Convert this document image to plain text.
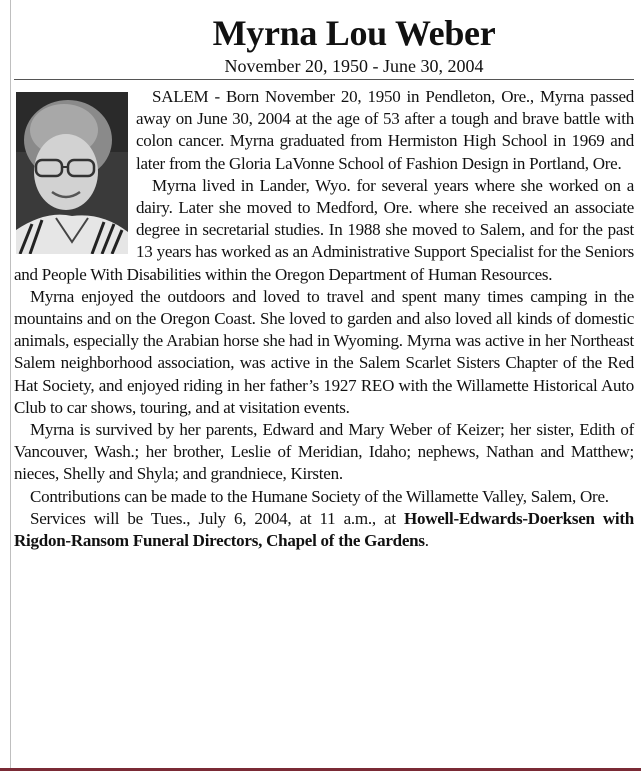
Myrna Lou Weber
November 20, 1950 - June 30, 2004

SALEM - Born November 20, 1950 in Pendleton, Ore., Myrna passed away on June 30, 2004 at the age of 53 after a tough and brave battle with colon cancer. Myrna graduated from Hermiston High School in 1969 and later from the Gloria LaVonne School of Fashion Design in Portland, Ore.

Myrna lived in Lander, Wyo. for several years where she worked on a dairy. Later she moved to Medford, Ore. where she received an associate degree in secretarial studies. In 1988 she moved to Salem, and for the past 13 years has worked as an Administrative Support Specialist for the Seniors and People With Disabilities within the Oregon Department of Human Resources.

Myrna enjoyed the outdoors and loved to travel and spent many times camping in the mountains and on the Oregon Coast. She loved to garden and also loved all kinds of domestic animals, especially the Arabian horse she had in Wyoming. Myrna was active in her Northeast Salem neighborhood association, was active in the Salem Scarlet Sisters Chapter of the Red Hat Society, and enjoyed riding in her father’s 1927 REO with the Willamette Historical Auto Club to car shows, touring, and at visitation events.

Myrna is survived by her parents, Edward and Mary Weber of Keizer; her sister, Edith of Vancouver, Wash.; her brother, Leslie of Meridian, Idaho; nephews, Nathan and Matthew; nieces, Shelly and Shyla; and grandniece, Kirsten.

Contributions can be made to the Humane Society of the Willamette Valley, Salem, Ore.

Services will be Tues., July 6, 2004, at 11 a.m., at Howell-Edwards-Doerksen with Rigdon-Ransom Funeral Directors, Chapel of the Gardens.
